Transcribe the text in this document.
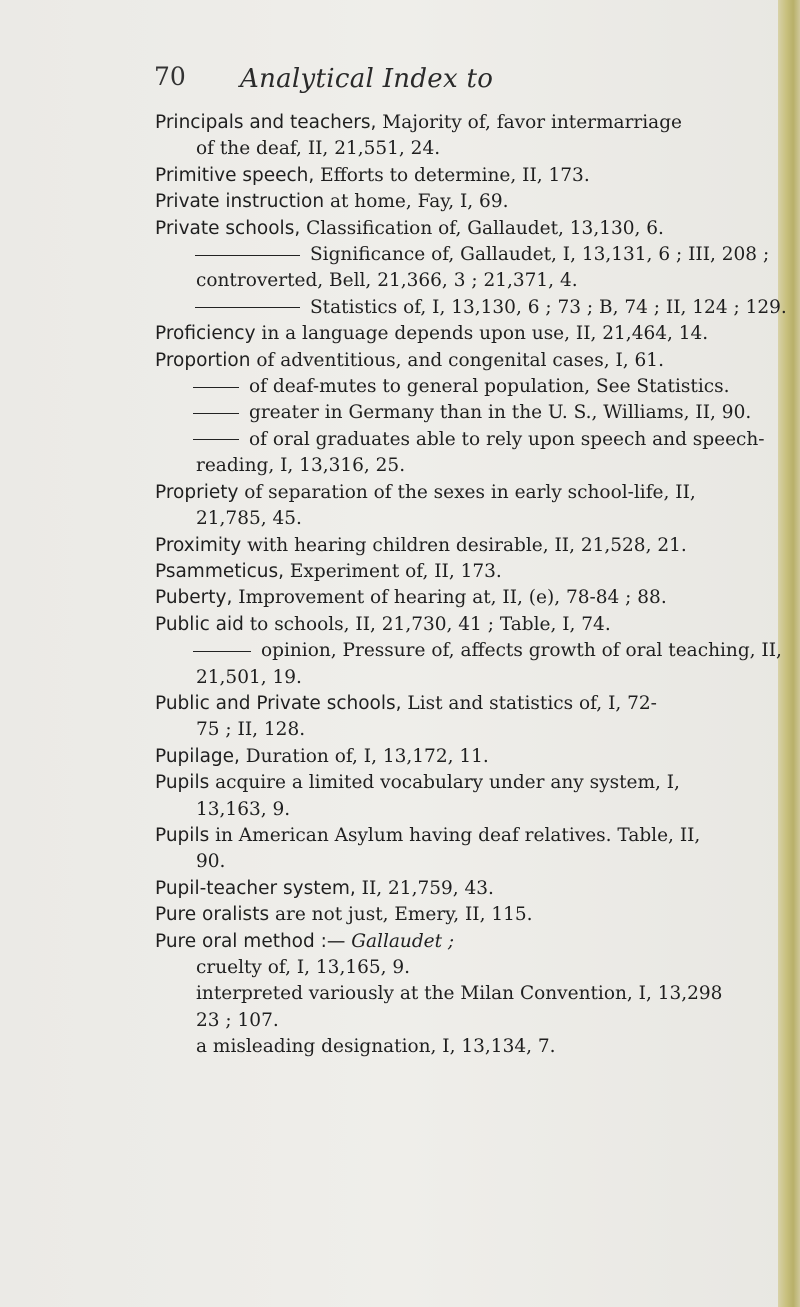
70 Analytical Index to
Principals and teachers, Majority of, favor intermarriage
of the deaf, II, 21,551, 24.
Primitive speech, Efforts to determine, II, 173.
Private instruction at home, Fay, I, 69.
Private schools, Classification of, Gallaudet, 13,130, 6.
Significance of, Gallaudet, I, 13,131, 6 ; III, 208 ;
controverted, Bell, 21,366, 3 ; 21,371, 4.
Statistics of, I, 13,130, 6 ; 73 ; B, 74 ; II, 124 ; 129.
Proficiency in a language depends upon use, II, 21,464, 14.
Proportion of adventitious, and congenital cases, I, 61.
of deaf-mutes to general population, See Statistics.
greater in Germany than in the U. S., Williams, II, 90.
of oral graduates able to rely upon speech and speech-
reading, I, 13,316, 25.
Propriety of separation of the sexes in early school-life, II,
21,785, 45.
Proximity with hearing children desirable, II, 21,528, 21.
Psammeticus, Experiment of, II, 173.
Puberty, Improvement of hearing at, II, (e), 78-84 ; 88.
Public aid to schools, II, 21,730, 41 ; Table, I, 74.
opinion, Pressure of, affects growth of oral teaching, II,
21,501, 19.
Public and Private schools, List and statistics of, I, 72-
75 ; II, 128.
Pupilage, Duration of, I, 13,172, 11.
Pupils acquire a limited vocabulary under any system, I,
13,163, 9.
Pupils in American Asylum having deaf relatives. Table, II,
90.
Pupil-teacher system, II, 21,759, 43.
Pure oralists are not just, Emery, II, 115.
Pure oral method :— Gallaudet ;
cruelty of, I, 13,165, 9.
interpreted variously at the Milan Convention, I, 13,298
23 ; 107.
a misleading designation, I, 13,134, 7.
